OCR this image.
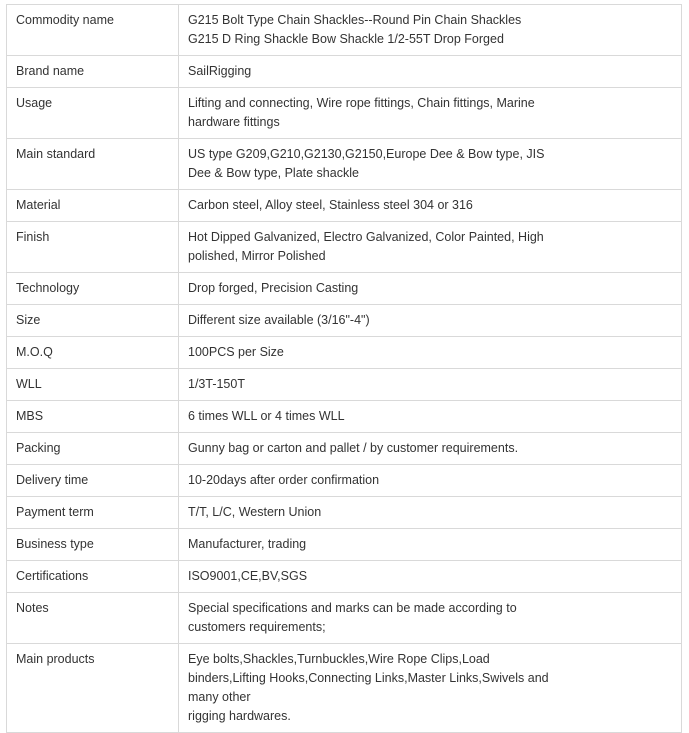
Commodity name	G215 Bolt Type Chain Shackles--Round Pin Chain Shackles
G215 D Ring Shackle Bow Shackle 1/2-55T Drop Forged

Brand name	SailRigging

Usage	Lifting and connecting, Wire rope fittings, Chain fittings, Marine
hardware fittings

Main standard	US type G209,G210,G2130,G2150,Europe Dee & Bow type, JIS
Dee & Bow type, Plate shackle

Material	Carbon steel, Alloy steel, Stainless steel 304 or 316

Finish	Hot Dipped Galvanized, Electro Galvanized, Color Painted, High
polished, Mirror Polished

Technology	Drop forged, Precision Casting

Size	Different size available (3/16"-4")

M.O.Q	100PCS per Size

WLL	1/3T-150T

MBS	6 times WLL or 4 times WLL

Packing	Gunny bag or carton and pallet / by customer requirements.

Delivery time	10-20days after order confirmation

Payment term	T/T, L/C, Western Union

Business type	Manufacturer, trading

Certifications	ISO9001,CE,BV,SGS

Notes	Special specifications and marks can be made according to
customers requirements;

Main products	Eye bolts,Shackles,Turnbuckles,Wire Rope Clips,Load
binders,Lifting Hooks,Connecting Links,Master Links,Swivels and
many other
rigging hardwares.
